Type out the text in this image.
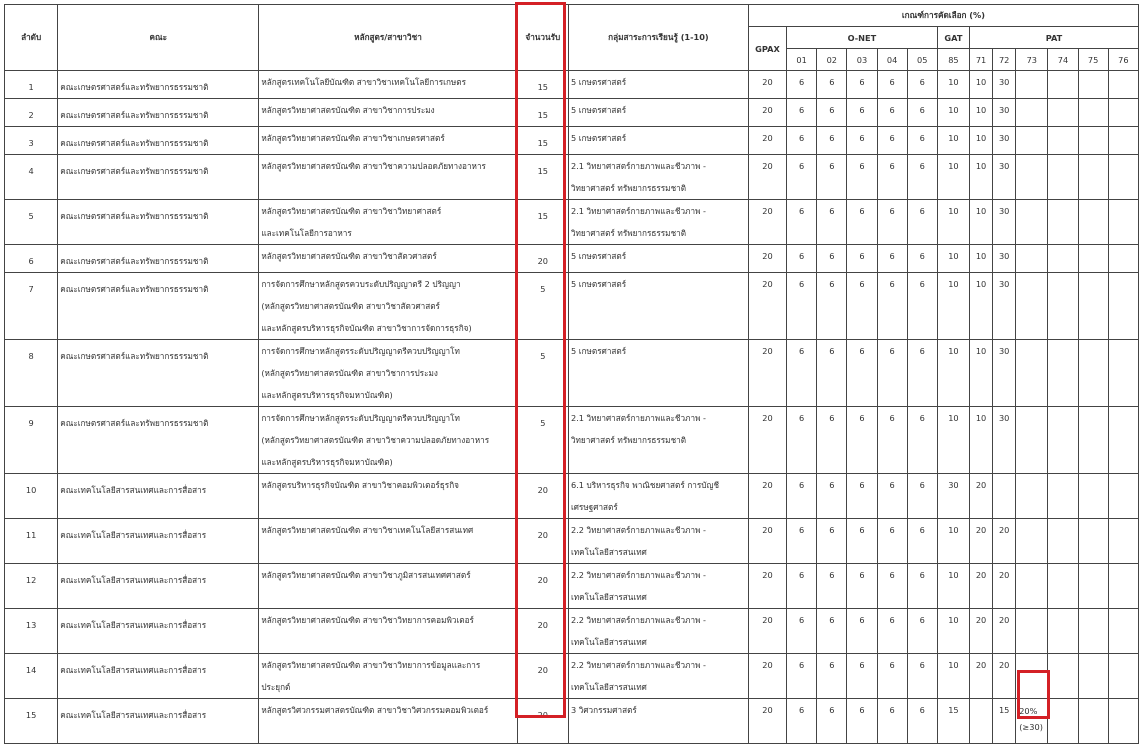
ลำดับ	คณะ	หลักสูตร/สาขาวิชา	จำนวนรับ	กลุ่มสาระการเรียนรู้ (1-10)	เกณฑ์การคัดเลือก (%)												
					GPAX	O-NET					GAT	PAT					
						01	02	03	04	05	85	71	72	73	74	75	76

1	คณะเกษตรศาสตร์และทรัพยากรธรรมชาติ	หลักสูตรเทคโนโลยีบัณฑิต สาขาวิชาเทคโนโลยีการเกษตร	15	5 เกษตรศาสตร์	20	6	6	6	6	6	10	10	30				

2	คณะเกษตรศาสตร์และทรัพยากรธรรมชาติ	หลักสูตรวิทยาศาสตรบัณฑิต สาขาวิชาการประมง	15	5 เกษตรศาสตร์	20	6	6	6	6	6	10	10	30				

3	คณะเกษตรศาสตร์และทรัพยากรธรรมชาติ	หลักสูตรวิทยาศาสตรบัณฑิต สาขาวิชาเกษตรศาสตร์	15	5 เกษตรศาสตร์	20	6	6	6	6	6	10	10	30				

4	คณะเกษตรศาสตร์และทรัพยากรธรรมชาติ	หลักสูตรวิทยาศาสตรบัณฑิต สาขาวิชาความปลอดภัยทางอาหาร	15	2.1 วิทยาศาสตร์กายภาพและชีวภาพ -
วิทยาศาสตร์ ทรัพยากรธรรมชาติ	20	6	6	6	6	6	10	10	30				

5	คณะเกษตรศาสตร์และทรัพยากรธรรมชาติ	หลักสูตรวิทยาศาสตรบัณฑิต สาขาวิชาวิทยาศาสตร์
และเทคโนโลยีการอาหาร	15	2.1 วิทยาศาสตร์กายภาพและชีวภาพ -
วิทยาศาสตร์ ทรัพยากรธรรมชาติ	20	6	6	6	6	6	10	10	30				

6	คณะเกษตรศาสตร์และทรัพยากรธรรมชาติ	หลักสูตรวิทยาศาสตรบัณฑิต สาขาวิชาสัตวศาสตร์	20	5 เกษตรศาสตร์	20	6	6	6	6	6	10	10	30				

7	คณะเกษตรศาสตร์และทรัพยากรธรรมชาติ	การจัดการศึกษาหลักสูตรควบระดับปริญญาตรี 2 ปริญญา
(หลักสูตรวิทยาศาสตรบัณฑิต สาขาวิชาสัตวศาสตร์
และหลักสูตรบริหารธุรกิจบัณฑิต สาขาวิชาการจัดการธุรกิจ)	5	5 เกษตรศาสตร์	20	6	6	6	6	6	10	10	30				

8	คณะเกษตรศาสตร์และทรัพยากรธรรมชาติ	การจัดการศึกษาหลักสูตรระดับปริญญาตรีควบปริญญาโท
(หลักสูตรวิทยาศาสตรบัณฑิต สาขาวิชาการประมง
และหลักสูตรบริหารธุรกิจมหาบัณฑิต)	5	5 เกษตรศาสตร์	20	6	6	6	6	6	10	10	30				

9	คณะเกษตรศาสตร์และทรัพยากรธรรมชาติ	การจัดการศึกษาหลักสูตรระดับปริญญาตรีควบปริญญาโท
(หลักสูตรวิทยาศาสตรบัณฑิต สาขาวิชาความปลอดภัยทางอาหาร
และหลักสูตรบริหารธุรกิจมหาบัณฑิต)	5	2.1 วิทยาศาสตร์กายภาพและชีวภาพ -
วิทยาศาสตร์ ทรัพยากรธรรมชาติ	20	6	6	6	6	6	10	10	30				

10	คณะเทคโนโลยีสารสนเทศและการสื่อสาร	หลักสูตรบริหารธุรกิจบัณฑิต สาขาวิชาคอมพิวเตอร์ธุรกิจ	20	6.1 บริหารธุรกิจ พาณิชยศาสตร์ การบัญชี
เศรษฐศาสตร์	20	6	6	6	6	6	30	20					

11	คณะเทคโนโลยีสารสนเทศและการสื่อสาร	หลักสูตรวิทยาศาสตรบัณฑิต สาขาวิชาเทคโนโลยีสารสนเทศ	20	2.2 วิทยาศาสตร์กายภาพและชีวภาพ -
เทคโนโลยีสารสนเทศ	20	6	6	6	6	6	10	20	20				

12	คณะเทคโนโลยีสารสนเทศและการสื่อสาร	หลักสูตรวิทยาศาสตรบัณฑิต สาขาวิชาภูมิสารสนเทศศาสตร์	20	2.2 วิทยาศาสตร์กายภาพและชีวภาพ -
เทคโนโลยีสารสนเทศ	20	6	6	6	6	6	10	20	20				

13	คณะเทคโนโลยีสารสนเทศและการสื่อสาร	หลักสูตรวิทยาศาสตรบัณฑิต สาขาวิชาวิทยาการคอมพิวเตอร์	20	2.2 วิทยาศาสตร์กายภาพและชีวภาพ -
เทคโนโลยีสารสนเทศ	20	6	6	6	6	6	10	20	20				

14	คณะเทคโนโลยีสารสนเทศและการสื่อสาร	หลักสูตรวิทยาศาสตรบัณฑิต สาขาวิชาวิทยาการข้อมูลและการ
ประยุกต์	20	2.2 วิทยาศาสตร์กายภาพและชีวภาพ -
เทคโนโลยีสารสนเทศ	20	6	6	6	6	6	10	20	20				

15	คณะเทคโนโลยีสารสนเทศและการสื่อสาร	หลักสูตรวิศวกรรมศาสตรบัณฑิต สาขาวิชาวิศวกรรมคอมพิวเตอร์	20	3 วิศวกรรมศาสตร์	20	6	6	6	6	6	15		15	20%
(≥30)			
